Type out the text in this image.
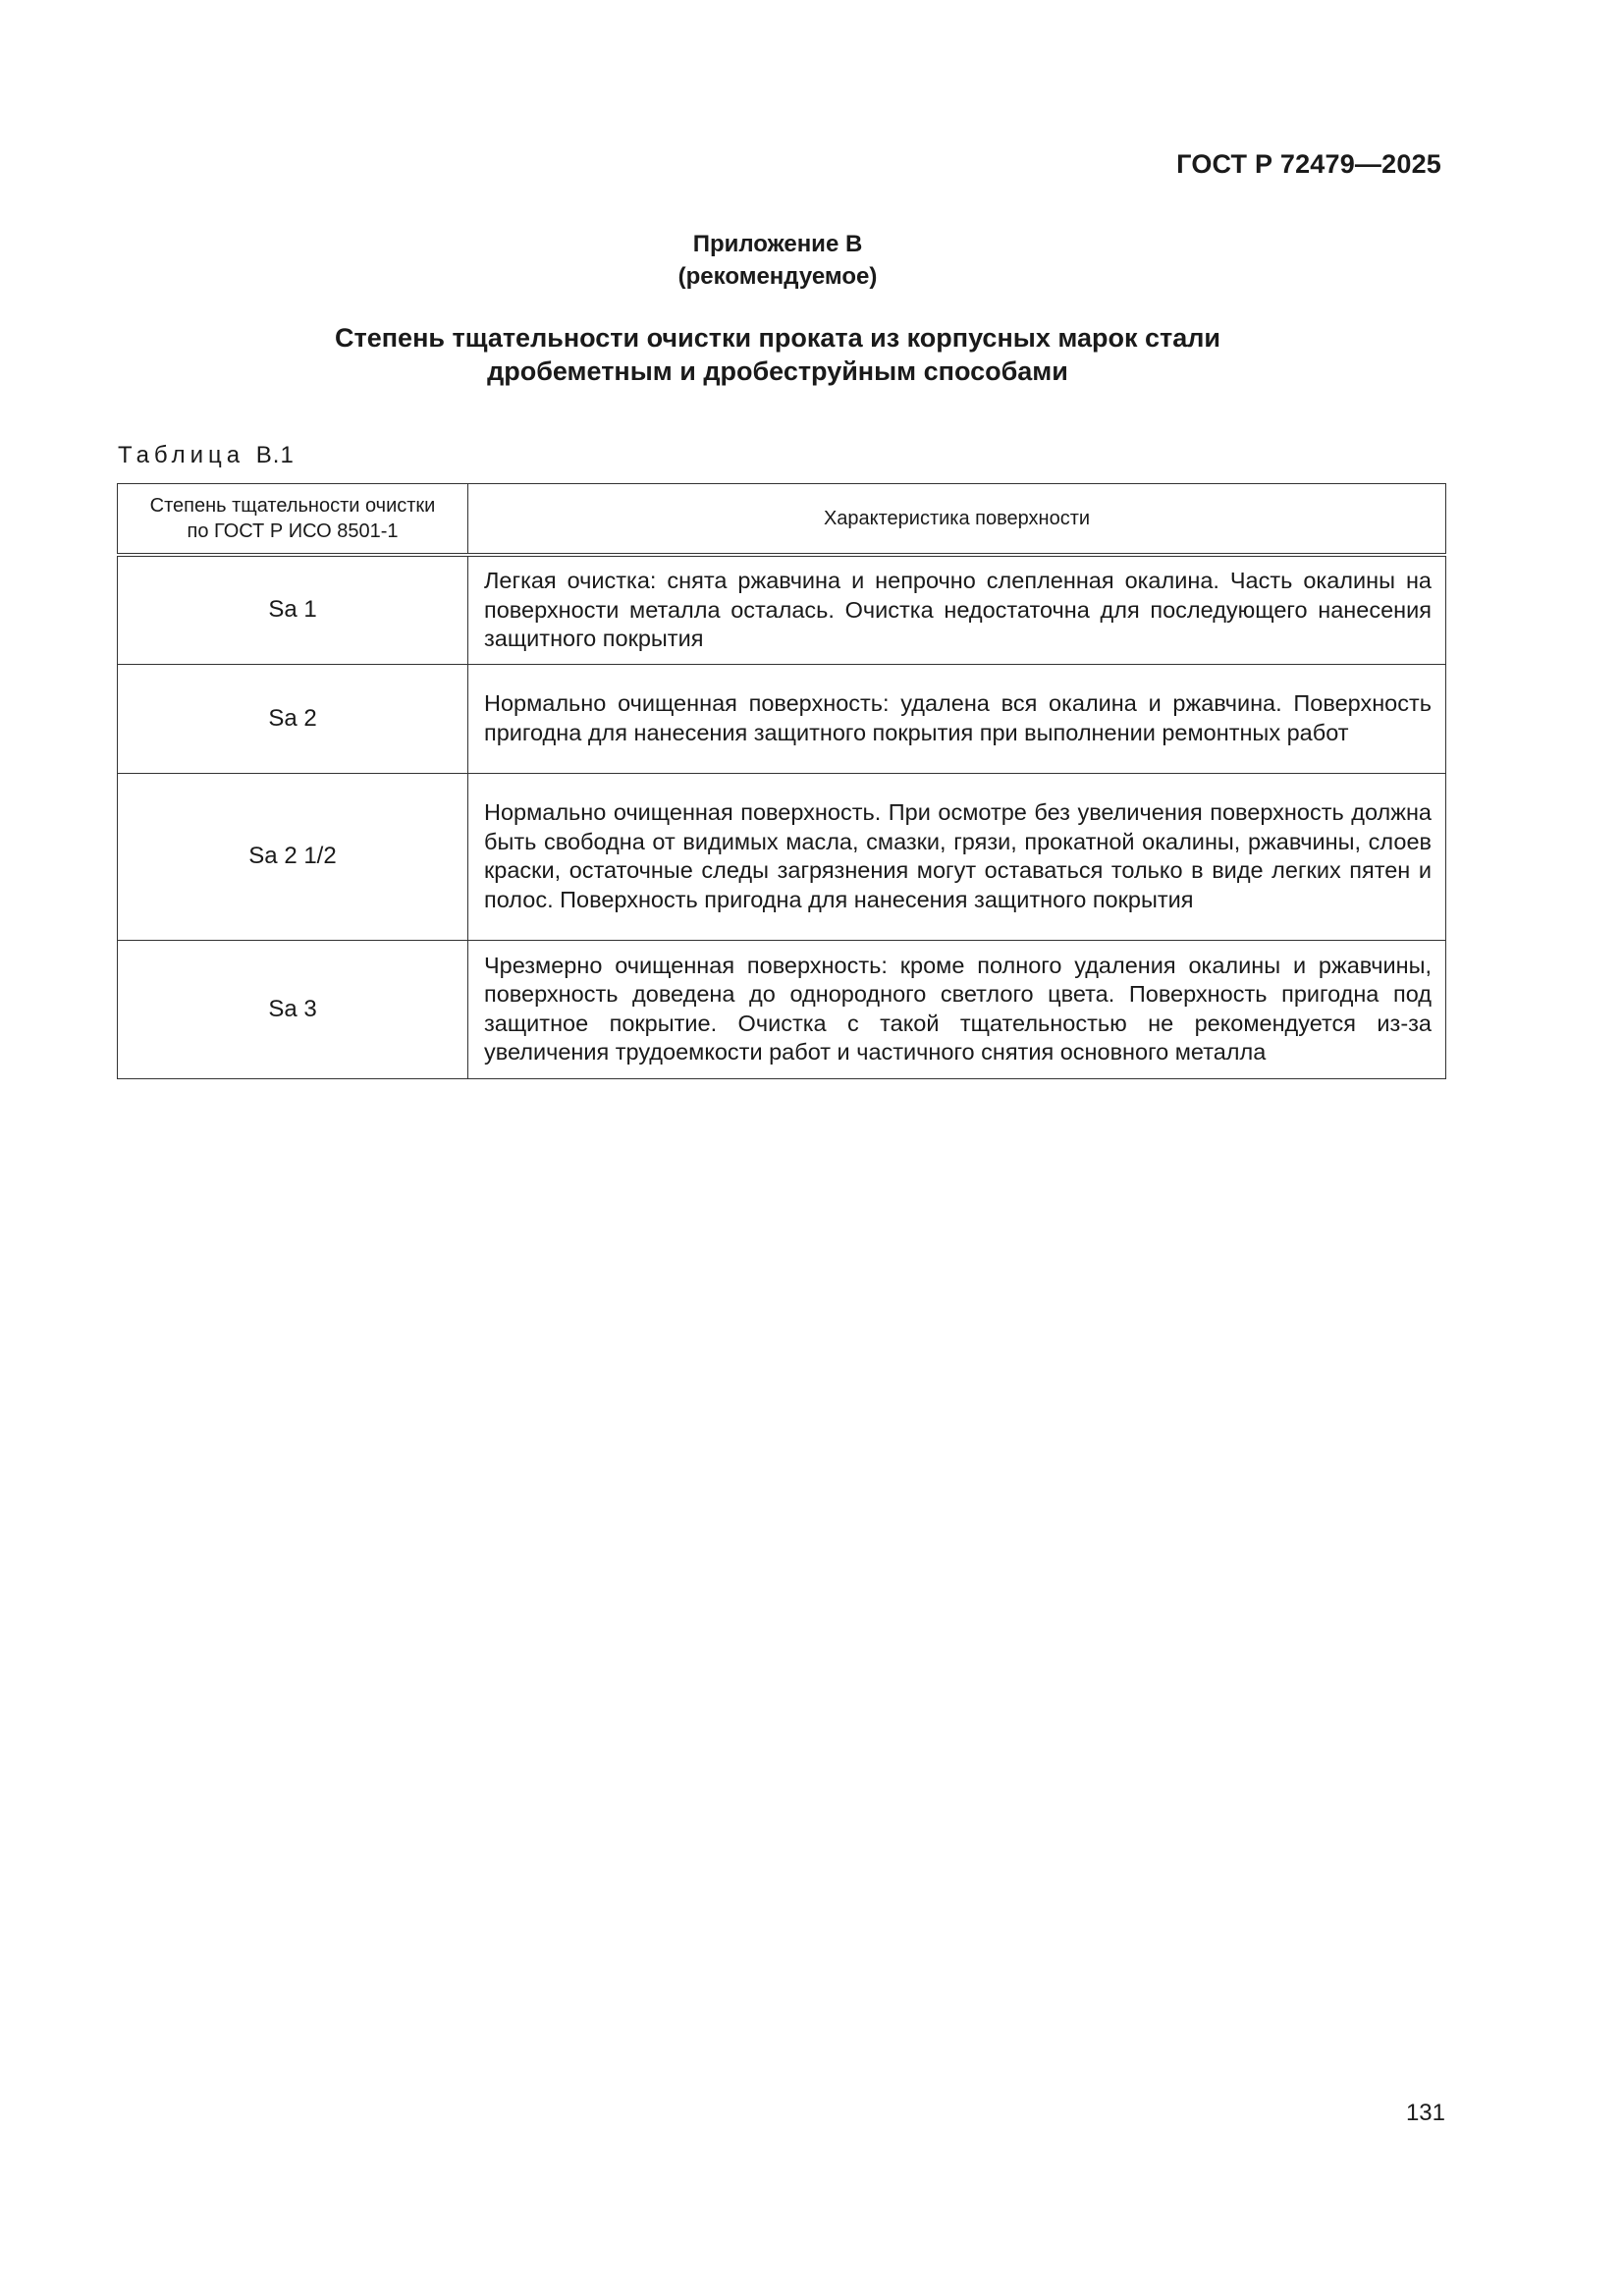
ГОСТ Р 72479—2025
Приложение В
(рекомендуемое)
Степень тщательности очистки проката из корпусных марок стали
дробеметным и дробеструйным способами
Таблица В.1
Степень тщательности очистки
по ГОСТ Р ИСО 8501-1	Характеристика поверхности
Sa 1	Легкая очистка: снята ржавчина и непрочно слепленная окалина. Часть окалины на поверхности металла осталась. Очистка недостаточна для последующего нанесения защитного покрытия
Sa 2	Нормально очищенная поверхность: удалена вся окалина и ржавчина. Поверхность пригодна для нанесения защитного покрытия при выполнении ремонтных работ
Sa 2 1/2	Нормально очищенная поверхность. При осмотре без увеличения поверхность должна быть свободна от видимых масла, смазки, грязи, прокатной окалины, ржавчины, слоев краски, остаточные следы загрязнения могут оставаться только в виде легких пятен и полос. Поверхность пригодна для нанесения защитного покрытия
Sa 3	Чрезмерно очищенная поверхность: кроме полного удаления окалины и ржавчины, поверхность доведена до однородного светлого цвета. Поверхность пригодна под защитное покрытие. Очистка с такой тщательностью не рекомендуется из-за увеличения трудоемкости работ и частичного снятия основного металла
131
